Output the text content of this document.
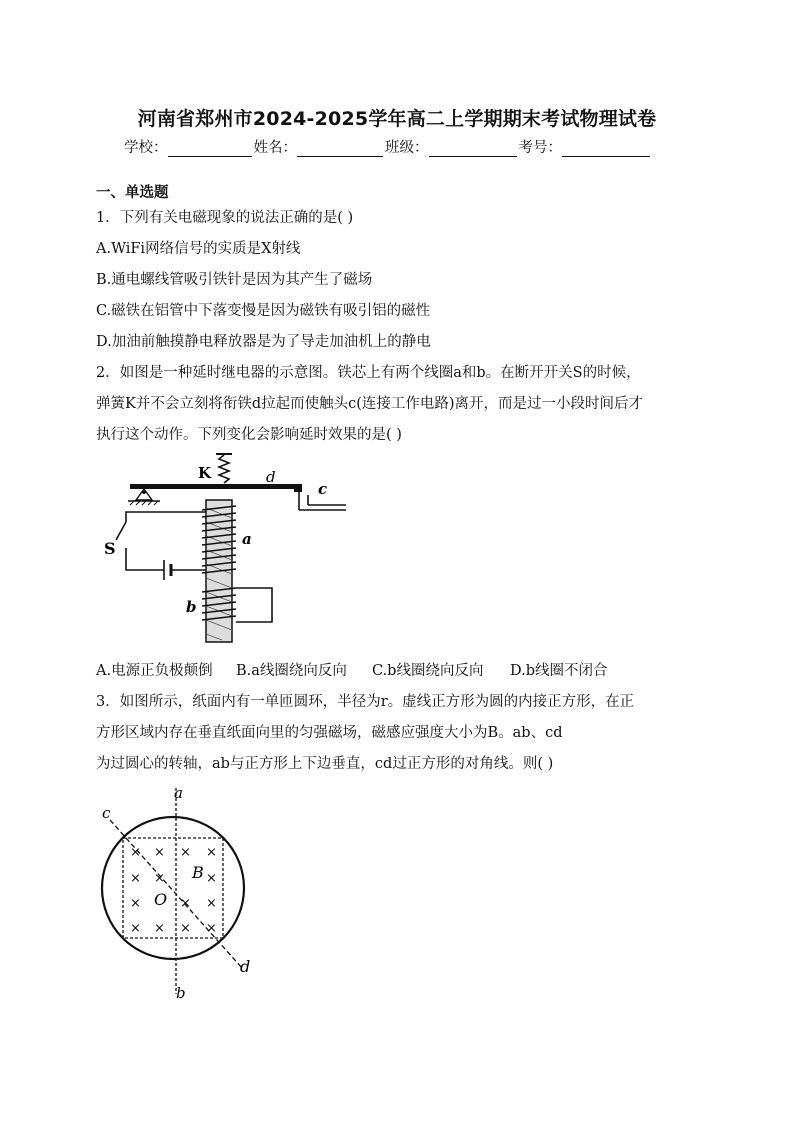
河南省郑州市2024-2025学年高二上学期期末考试物理试卷
学校：	姓名：	班级：	考号：
一、单选题
1．下列有关电磁现象的说法正确的是( )
A.WiFi网络信号的实质是X射线
B.通电螺线管吸引铁针是因为其产生了磁场
C.磁铁在铝管中下落变慢是因为磁铁有吸引铝的磁性
D.加油前触摸静电释放器是为了导走加油机上的静电
2．如图是一种延时继电器的示意图。铁芯上有两个线圈a和b。在断开开关S的时候，
弹簧K并不会立刻将衔铁d拉起而使触头c(连接工作电路)离开，而是过一小段时间后才
执行这个动作。下列变化会影响延时效果的是( )
K	d
c
a
b
S
A.电源正负极颠倒	B.a线圈绕向反向	C.b线圈绕向反向	D.b线圈不闭合
3．如图所示，纸面内有一单匝圆环，半径为r。虚线正方形为圆的内接正方形，在正
方形区域内存在垂直纸面向里的匀强磁场，磁感应强度大小为B。ab、cd
为过圆心的转轴，ab与正方形上下边垂直，cd过正方形的对角线。则( )
× × × ×
× ×	×
×	× ×
× × × ×
B
O
a
b
c
d
